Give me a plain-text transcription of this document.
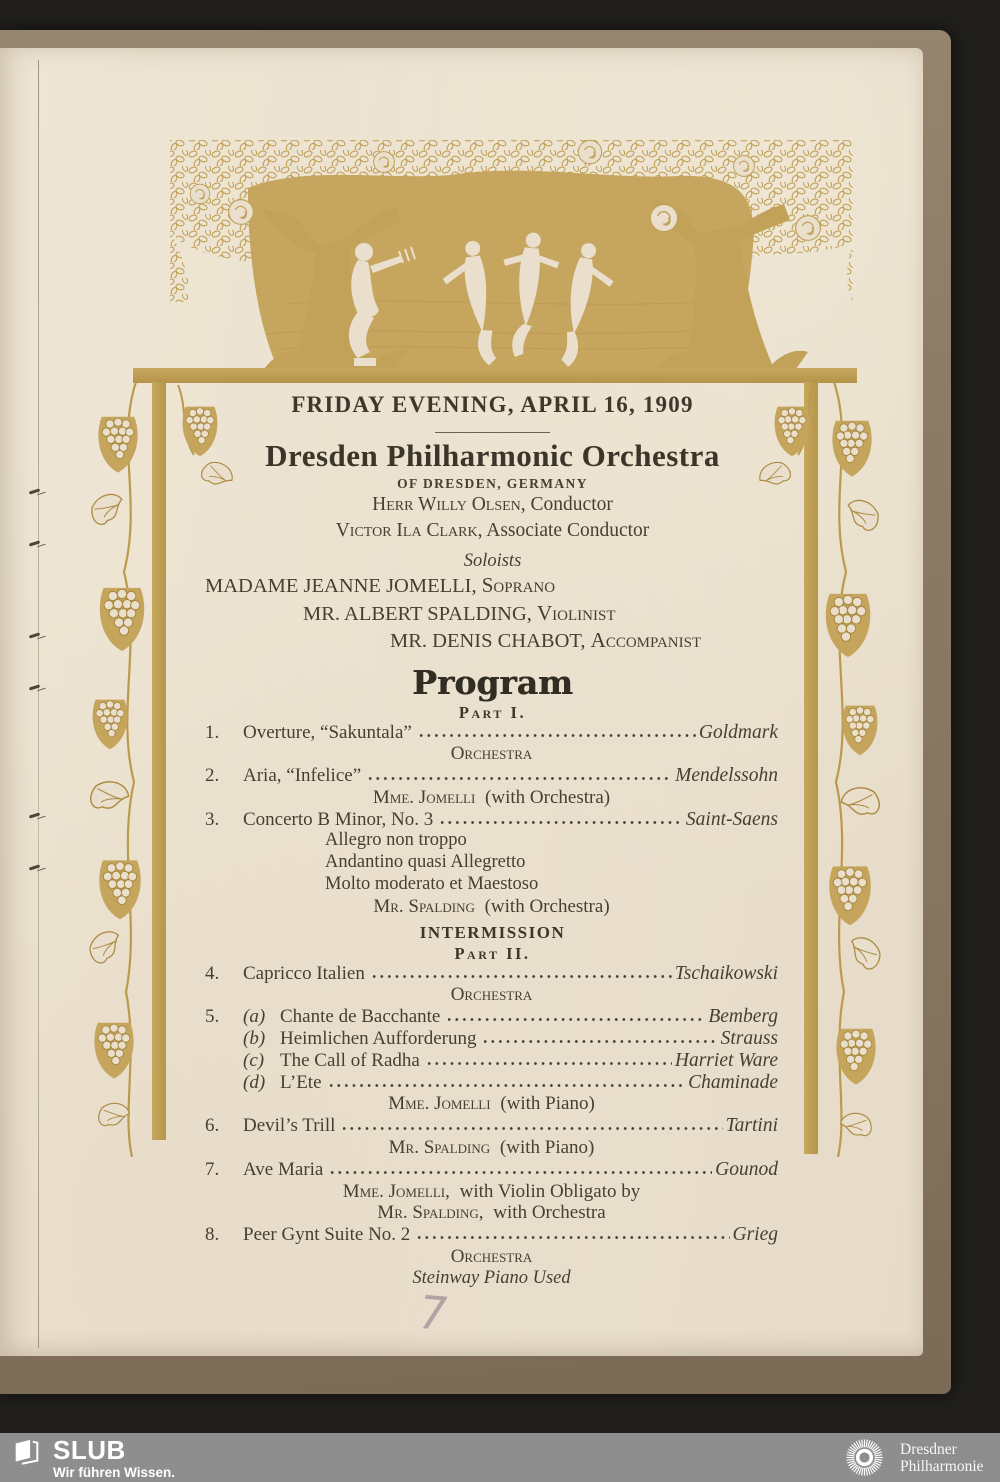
FRIDAY EVENING, APRIL 16, 1909
Dresden Philharmonic Orchestra
OF DRESDEN, GERMANY
Herr Willy Olsen, Conductor
Victor Ila Clark, Associate Conductor
Soloists
MADAME JEANNE JOMELLI, Soprano
MR. ALBERT SPALDING, Violinist
MR. DENIS CHABOT, Accompanist
Program
Part I.
1.	Overture, “Sakuntala”	Goldmark
Orchestra
2.	Aria, “Infelice”	Mendelssohn
Mme. Jomelli (with Orchestra)
3.	Concerto B Minor, No. 3	Saint-Saens
Allegro non troppo
Andantino quasi Allegretto
Molto moderato et Maestoso
Mr. Spalding (with Orchestra)
INTERMISSION
Part II.
4.	Capricco Italien	Tschaikowski
Orchestra
5.	(a) Chante de Bacchante	Bemberg
(b) Heimlichen Aufforderung	Strauss
(c) The Call of Radha	Harriet Ware
(d) L’Ete	Chaminade
Mme. Jomelli (with Piano)
6.	Devil’s Trill	Tartini
Mr. Spalding (with Piano)
7.	Ave Maria	Gounod
Mme. Jomelli, with Violin Obligato by
Mr. Spalding, with Orchestra
8.	Peer Gynt Suite No. 2	Grieg
Orchestra
Steinway Piano Used
7
SLUB
Wir führen Wissen.
Dresdner
Philharmonie
